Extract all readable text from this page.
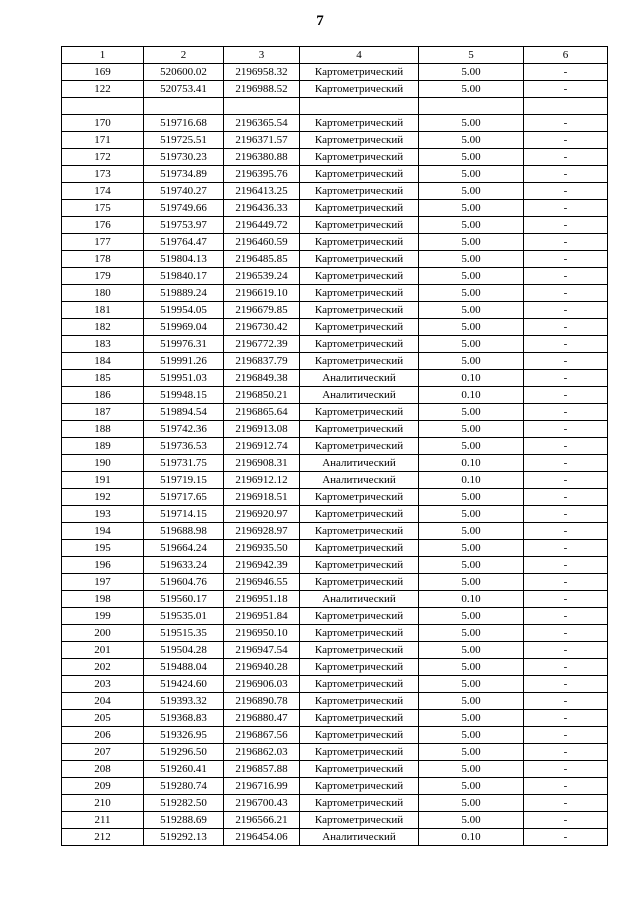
7
1	2	3	4	5	6
169	520600.02	2196958.32	Картометрический	5.00	-
122	520753.41	2196988.52	Картометрический	5.00	-

170	519716.68	2196365.54	Картометрический	5.00	-
171	519725.51	2196371.57	Картометрический	5.00	-
172	519730.23	2196380.88	Картометрический	5.00	-
173	519734.89	2196395.76	Картометрический	5.00	-
174	519740.27	2196413.25	Картометрический	5.00	-
175	519749.66	2196436.33	Картометрический	5.00	-
176	519753.97	2196449.72	Картометрический	5.00	-
177	519764.47	2196460.59	Картометрический	5.00	-
178	519804.13	2196485.85	Картометрический	5.00	-
179	519840.17	2196539.24	Картометрический	5.00	-
180	519889.24	2196619.10	Картометрический	5.00	-
181	519954.05	2196679.85	Картометрический	5.00	-
182	519969.04	2196730.42	Картометрический	5.00	-
183	519976.31	2196772.39	Картометрический	5.00	-
184	519991.26	2196837.79	Картометрический	5.00	-
185	519951.03	2196849.38	Аналитический	0.10	-
186	519948.15	2196850.21	Аналитический	0.10	-
187	519894.54	2196865.64	Картометрический	5.00	-
188	519742.36	2196913.08	Картометрический	5.00	-
189	519736.53	2196912.74	Картометрический	5.00	-
190	519731.75	2196908.31	Аналитический	0.10	-
191	519719.15	2196912.12	Аналитический	0.10	-
192	519717.65	2196918.51	Картометрический	5.00	-
193	519714.15	2196920.97	Картометрический	5.00	-
194	519688.98	2196928.97	Картометрический	5.00	-
195	519664.24	2196935.50	Картометрический	5.00	-
196	519633.24	2196942.39	Картометрический	5.00	-
197	519604.76	2196946.55	Картометрический	5.00	-
198	519560.17	2196951.18	Аналитический	0.10	-
199	519535.01	2196951.84	Картометрический	5.00	-
200	519515.35	2196950.10	Картометрический	5.00	-
201	519504.28	2196947.54	Картометрический	5.00	-
202	519488.04	2196940.28	Картометрический	5.00	-
203	519424.60	2196906.03	Картометрический	5.00	-
204	519393.32	2196890.78	Картометрический	5.00	-
205	519368.83	2196880.47	Картометрический	5.00	-
206	519326.95	2196867.56	Картометрический	5.00	-
207	519296.50	2196862.03	Картометрический	5.00	-
208	519260.41	2196857.88	Картометрический	5.00	-
209	519280.74	2196716.99	Картометрический	5.00	-
210	519282.50	2196700.43	Картометрический	5.00	-
211	519288.69	2196566.21	Картометрический	5.00	-
212	519292.13	2196454.06	Аналитический	0.10	-
